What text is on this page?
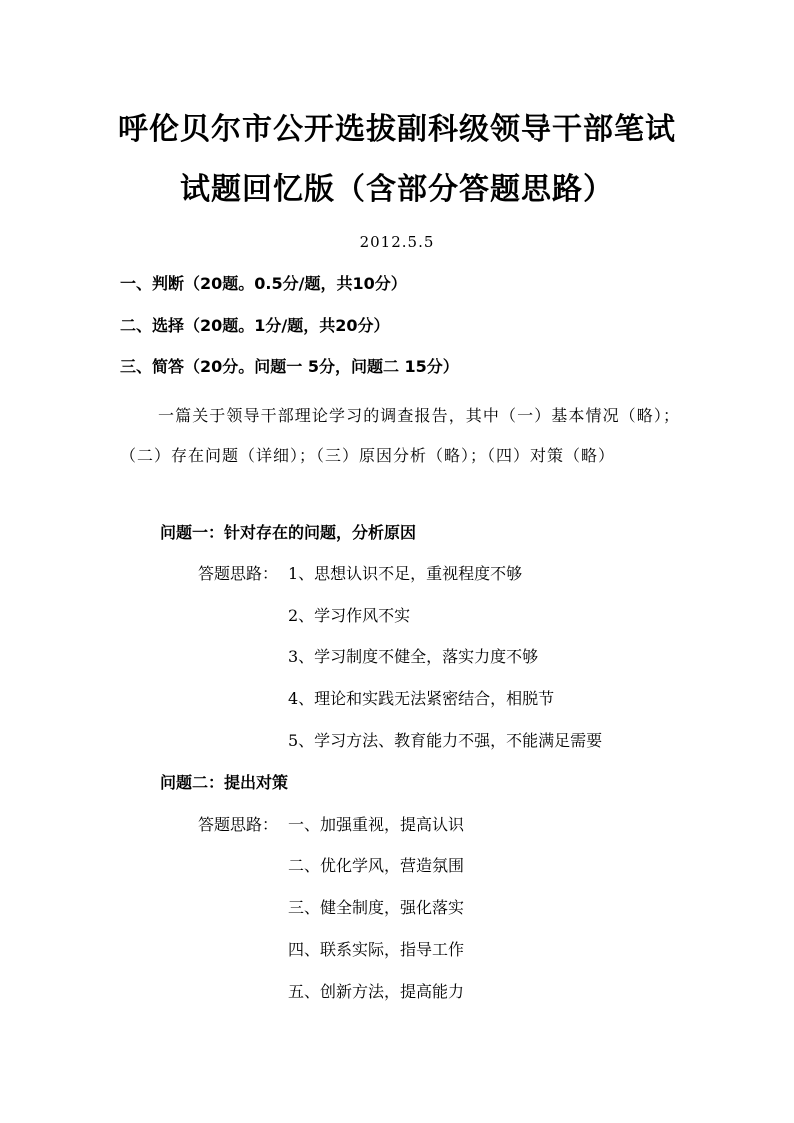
呼伦贝尔市公开选拔副科级领导干部笔试
试题回忆版（含部分答题思路）
2012.5.5
一、判断（20题。0.5分/题，共10分）
二、选择（20题。1分/题，共20分）
三、简答（20分。问题一 5分，问题二 15分）
一篇关于领导干部理论学习的调查报告，其中（一）基本情况（略）；（二）存在问题（详细）；（三）原因分析（略）；（四）对策（略）
问题一：针对存在的问题，分析原因
答题思路： 1、思想认识不足，重视程度不够
2、学习作风不实
3、学习制度不健全，落实力度不够
4、理论和实践无法紧密结合，相脱节
5、学习方法、教育能力不强，不能满足需要
问题二：提出对策
答题思路： 一、加强重视，提高认识
二、优化学风，营造氛围
三、健全制度，强化落实
四、联系实际，指导工作
五、创新方法，提高能力
